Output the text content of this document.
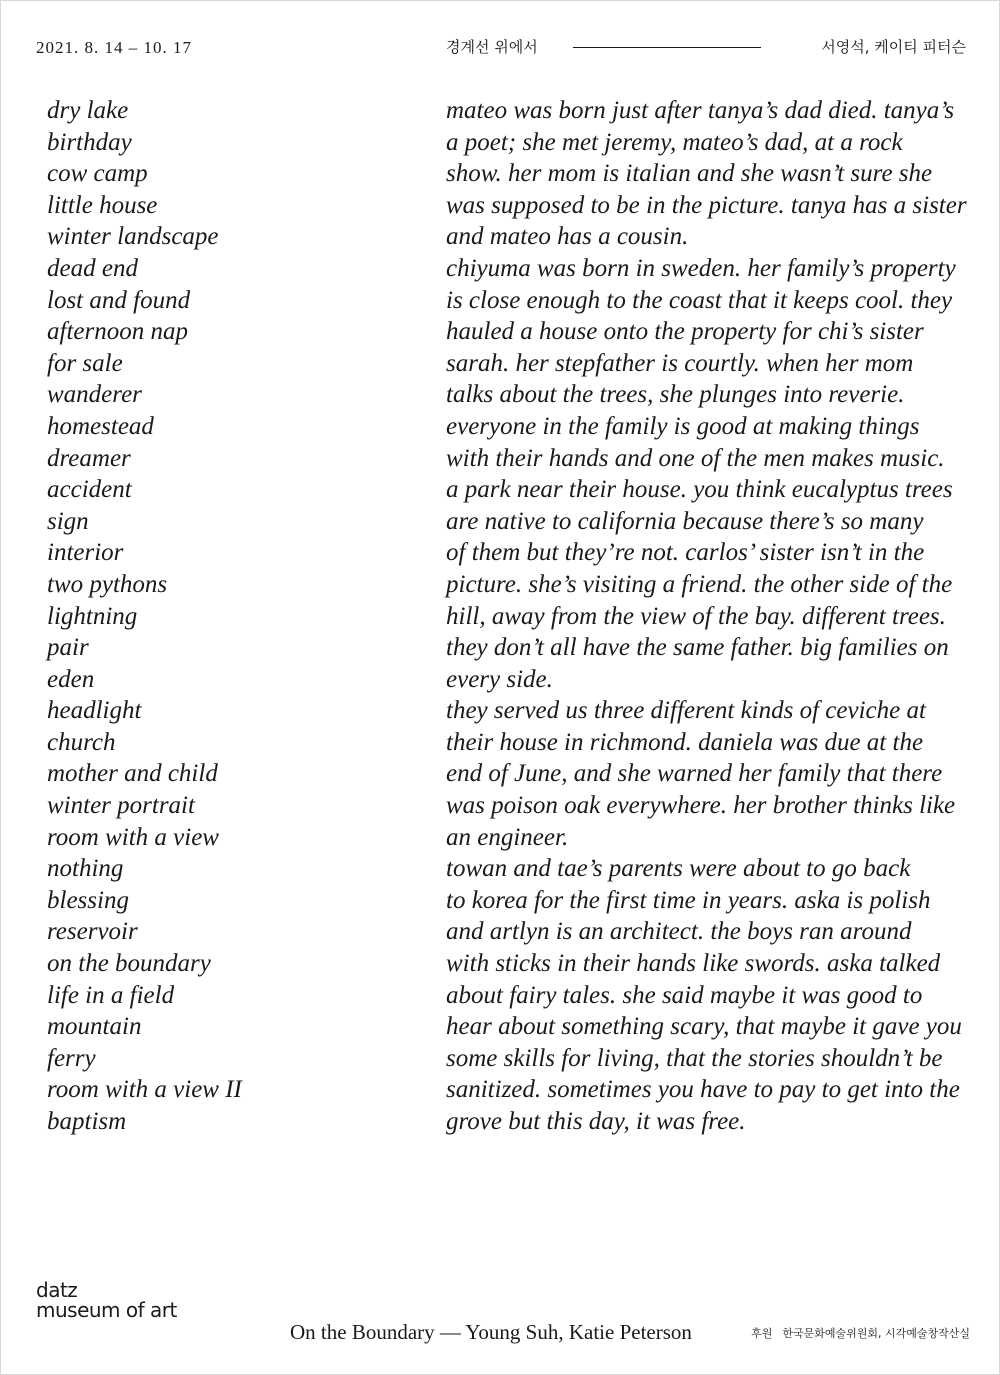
2021. 8. 14 – 10. 17	경계선 위에서	서영석, 케이티 피터슨
dry lake
birthday
cow camp
little house
winter landscape
dead end
lost and found
afternoon nap
for sale
wanderer
homestead
dreamer
accident
sign
interior
two pythons
lightning
pair
eden
headlight
church
mother and child
winter portrait
room with a view
nothing
blessing
reservoir
on the boundary
life in a field
mountain
ferry
room with a view II
baptism
mateo was born just after tanya’s dad died. tanya’s
a poet; she met jeremy, mateo’s dad, at a rock
show. her mom is italian and she wasn’t sure she
was supposed to be in the picture. tanya has a sister
and mateo has a cousin.
chiyuma was born in sweden. her family’s property
is close enough to the coast that it keeps cool. they
hauled a house onto the property for chi’s sister
sarah. her stepfather is courtly. when her mom
talks about the trees, she plunges into reverie.
everyone in the family is good at making things
with their hands and one of the men makes music.
a park near their house. you think eucalyptus trees
are native to california because there’s so many
of them but they’re not. carlos’ sister isn’t in the
picture. she’s visiting a friend. the other side of the
hill, away from the view of the bay. different trees.
they don’t all have the same father. big families on
every side.
they served us three different kinds of ceviche at
their house in richmond. daniela was due at the
end of June, and she warned her family that there
was poison oak everywhere. her brother thinks like
an engineer.
towan and tae’s parents were about to go back
to korea for the first time in years. aska is polish
and artlyn is an architect. the boys ran around
with sticks in their hands like swords. aska talked
about fairy tales. she said maybe it was good to
hear about something scary, that maybe it gave you
some skills for living, that the stories shouldn’t be
sanitized. sometimes you have to pay to get into the
grove but this day, it was free.
datz
museum of art
On the Boundary — Young Suh, Katie Peterson	후원 한국문화예술위원회, 시각예술창작산실
